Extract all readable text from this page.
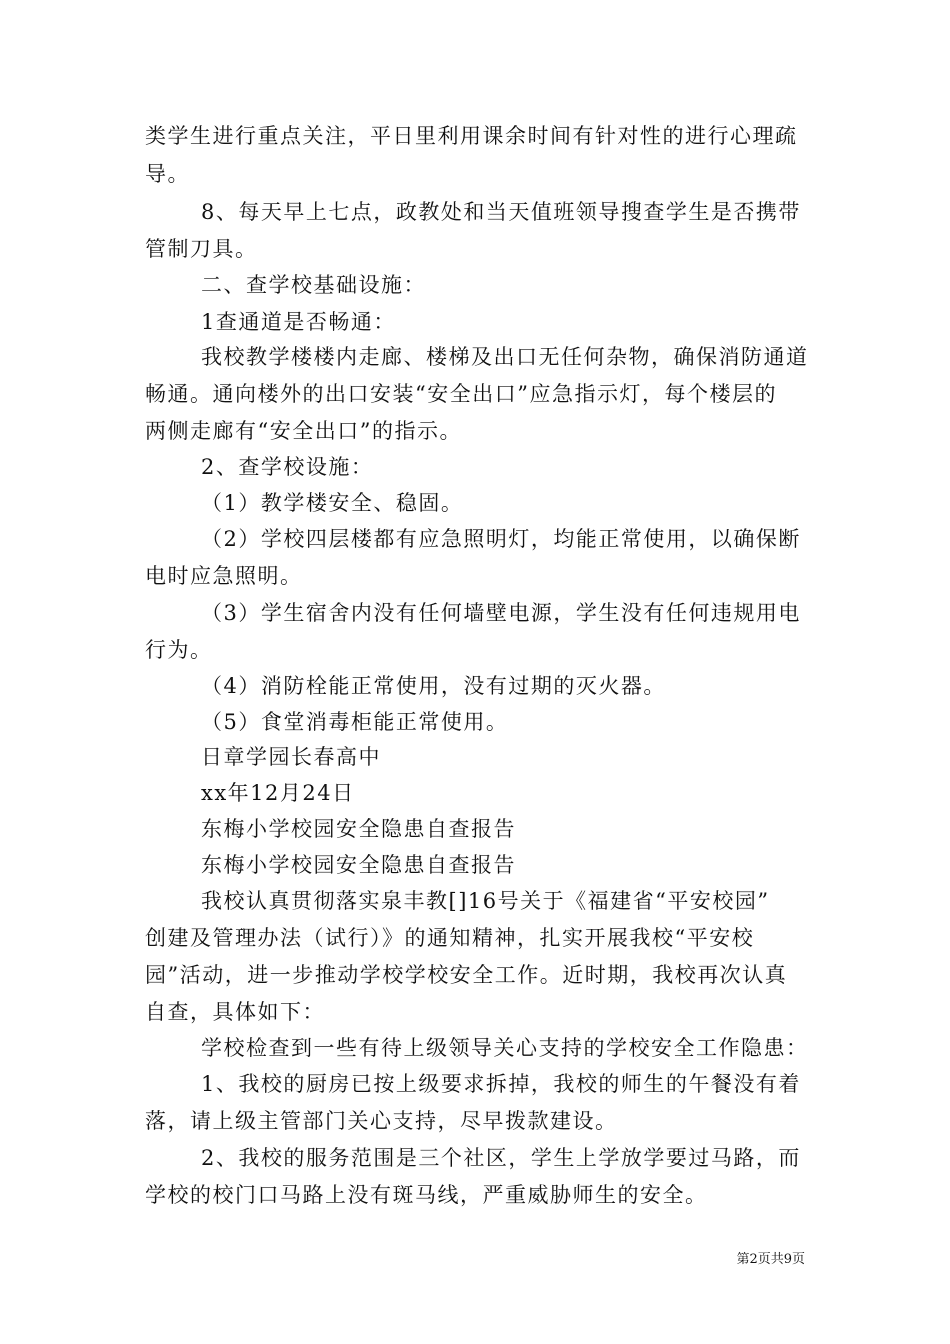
类学生进行重点关注，平日里利用课余时间有针对性的进行心理疏
导。
8、每天早上七点，政教处和当天值班领导搜查学生是否携带
管制刀具。
二、查学校基础设施：
1查通道是否畅通：
我校教学楼楼内走廊、楼梯及出口无任何杂物，确保消防通道
畅通。通向楼外的出口安装“安全出口”应急指示灯，每个楼层的
两侧走廊有“安全出口”的指示。
2、查学校设施：
（1）教学楼安全、稳固。
（2）学校四层楼都有应急照明灯，均能正常使用，以确保断
电时应急照明。
（3）学生宿舍内没有任何墙壁电源，学生没有任何违规用电
行为。
（4）消防栓能正常使用，没有过期的灭火器。
（5）食堂消毒柜能正常使用。
日章学园长春高中
xx年12月24日
东梅小学校园安全隐患自查报告
东梅小学校园安全隐患自查报告
我校认真贯彻落实泉丰教[]16号关于《福建省“平安校园”
创建及管理办法（试行）》的通知精神，扎实开展我校“平安校
园”活动，进一步推动学校学校安全工作。近时期，我校再次认真
自查，具体如下：
学校检查到一些有待上级领导关心支持的学校安全工作隐患：
1、我校的厨房已按上级要求拆掉，我校的师生的午餐没有着
落，请上级主管部门关心支持，尽早拨款建设。
2、我校的服务范围是三个社区，学生上学放学要过马路，而
学校的校门口马路上没有斑马线，严重威胁师生的安全。
第2页共9页
